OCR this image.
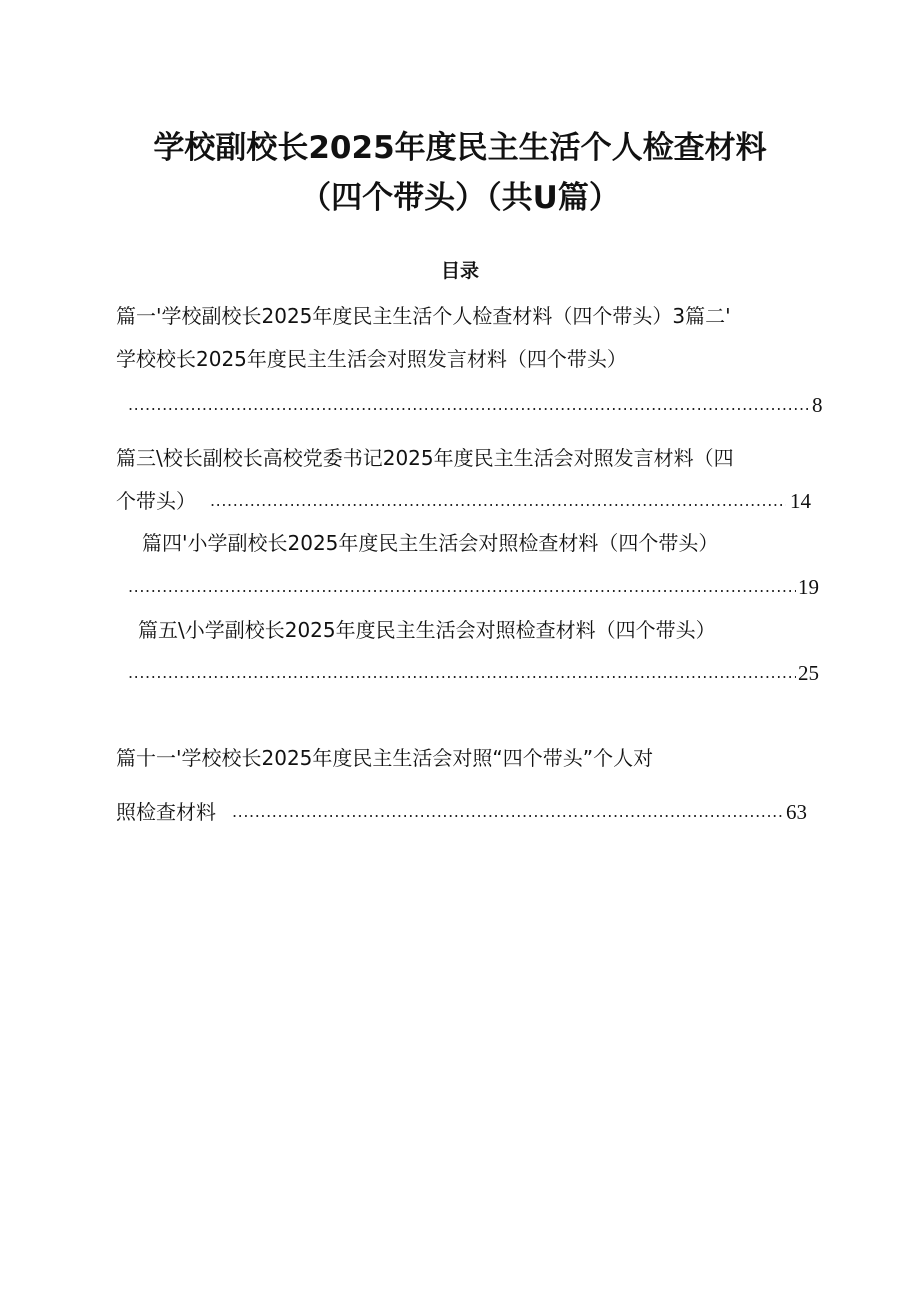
学校副校长2025年度民主生活个人检查材料
（四个带头）（共U篇）
目录
篇一'学校副校长2025年度民主生活个人检查材料（四个带头）3篇二'
学校校长2025年度民主生活会对照发言材料（四个带头）
.....
8
篇三\校长副校长高校党委书记2025年度民主生活会对照发言材料（四
个带头） .....	14
篇四'小学副校长2025年度民主生活会对照检查材料（四个带头）
.....
19
篇五\小学副校长2025年度民主生活会对照检查材料（四个带头）
.....
25
篇十一'学校校长2025年度民主生活会对照“四个带头”个人对
照检查材料 .....	63
